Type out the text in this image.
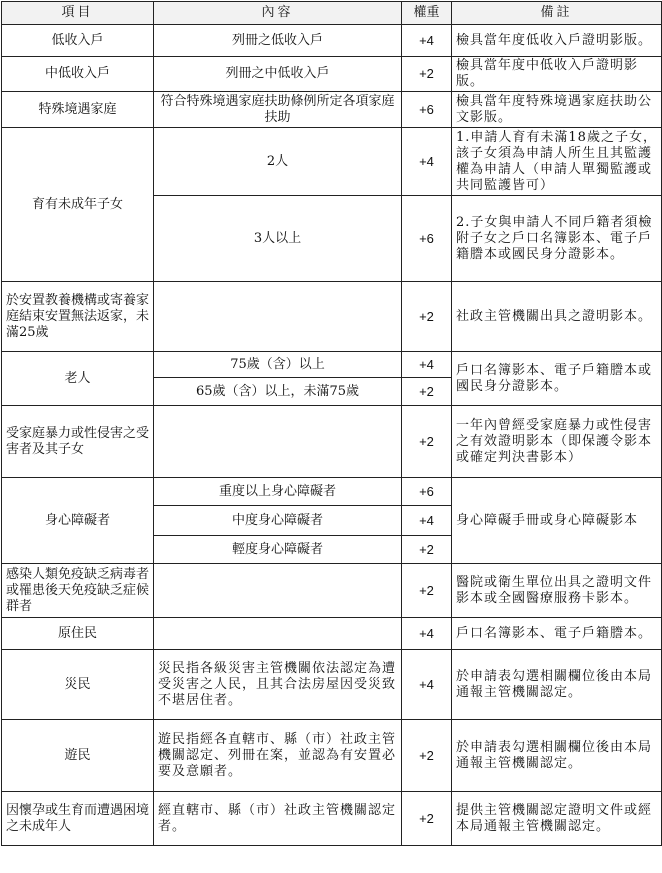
項目	內容	權重	備註
低收入戶	列冊之低收入戶	+4	檢具當年度低收入戶證明影版。
中低收入戶	列冊之中低收入戶	+2	檢具當年度中低收入戶證明影版。
特殊境遇家庭	符合特殊境遇家庭扶助條例所定各項家庭扶助	+6	檢具當年度特殊境遇家庭扶助公文影版。
育有未成年子女	2人	+4	1.申請人育有未滿18歲之子女，該子女須為申請人所生且其監護權為申請人（申請人單獨監護或共同監護皆可）
	3人以上	+6	2.子女與申請人不同戶籍者須檢附子女之戶口名簿影本、電子戶籍謄本或國民身分證影本。
於安置教養機構或寄養家庭結束安置無法返家，未滿25歲		+2	社政主管機關出具之證明影本。
老人	75歲（含）以上	+4	戶口名簿影本、電子戶籍謄本或國民身分證影本。
	65歲（含）以上，未滿75歲	+2	
受家庭暴力或性侵害之受害者及其子女		+2	一年內曾經受家庭暴力或性侵害之有效證明影本（即保護令影本或確定判決書影本）
身心障礙者	重度以上身心障礙者	+6	身心障礙手冊或身心障礙影本
	中度身心障礙者	+4	
	輕度身心障礙者	+2	
感染人類免疫缺乏病毒者或罹患後天免疫缺乏症候群者		+2	醫院或衛生單位出具之證明文件影本或全國醫療服務卡影本。
原住民		+4	戶口名簿影本、電子戶籍謄本。
災民	災民指各級災害主管機關依法認定為遭受災害之人民，且其合法房屋因受災致不堪居住者。	+4	於申請表勾選相關欄位後由本局通報主管機關認定。
遊民	遊民指經各直轄市、縣（市）社政主管機關認定、列冊在案，並認為有安置必要及意願者。	+2	於申請表勾選相關欄位後由本局通報主管機關認定。
因懷孕或生育而遭遇困境之未成年人	經直轄市、縣（市）社政主管機關認定者。	+2	提供主管機關認定證明文件或經本局通報主管機關認定。
